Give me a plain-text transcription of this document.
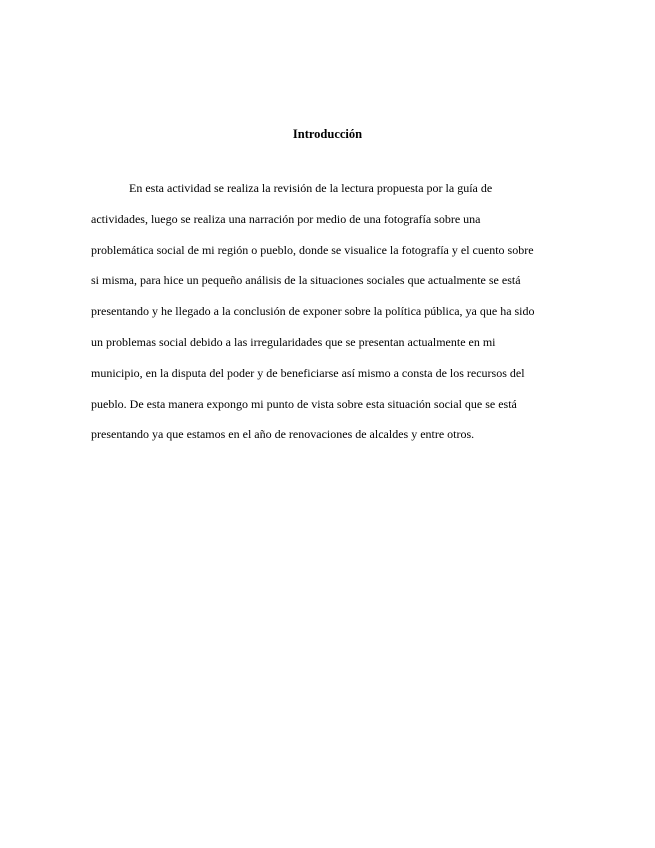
Introducción
En esta actividad se realiza la revisión de la lectura propuesta por la guía de
actividades, luego se realiza una narración por medio de una fotografía sobre una
problemática social de mi región o pueblo, donde se visualice la fotografía y el cuento sobre
si misma, para hice un pequeño análisis de la situaciones sociales que actualmente se está
presentando y he llegado a la conclusión de exponer sobre la política pública, ya que ha sido
un problemas social debido a las irregularidades que se presentan actualmente en mi
municipio, en la disputa del poder y de beneficiarse así mismo a consta de los recursos del
pueblo. De esta manera expongo mi punto de vista sobre esta situación social que se está
presentando ya que estamos en el año de renovaciones de alcaldes y entre otros.
